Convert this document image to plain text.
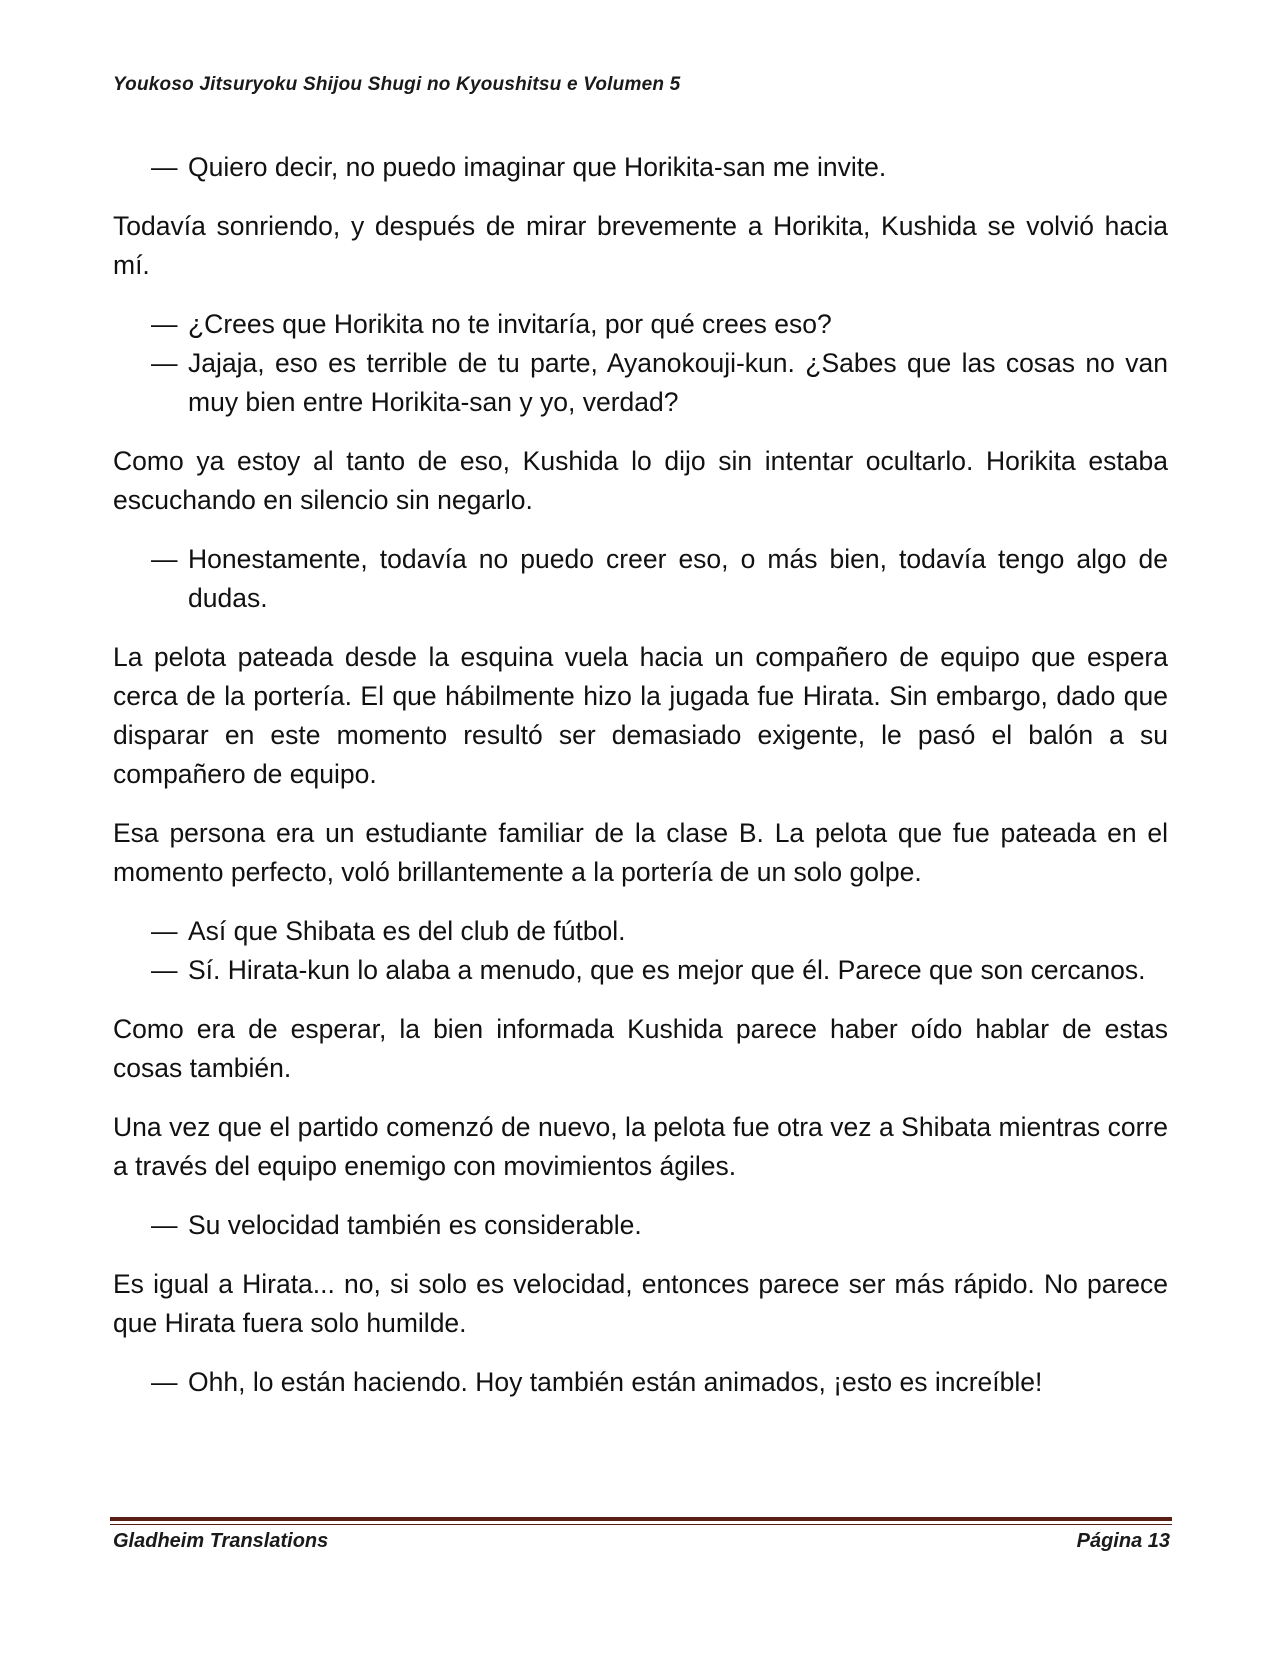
Youkoso Jitsuryoku Shijou Shugi no Kyoushitsu e Volumen 5
— Quiero decir, no puedo imaginar que Horikita-san me invite.

Todavía sonriendo, y después de mirar brevemente a Horikita, Kushida se volvió hacia mí.

— ¿Crees que Horikita no te invitaría, por qué crees eso?
— Jajaja, eso es terrible de tu parte, Ayanokouji-kun. ¿Sabes que las cosas no van muy bien entre Horikita-san y yo, verdad?

Como ya estoy al tanto de eso, Kushida lo dijo sin intentar ocultarlo. Horikita estaba escuchando en silencio sin negarlo.

— Honestamente, todavía no puedo creer eso, o más bien, todavía tengo algo de dudas.

La pelota pateada desde la esquina vuela hacia un compañero de equipo que espera cerca de la portería. El que hábilmente hizo la jugada fue Hirata. Sin embargo, dado que disparar en este momento resultó ser demasiado exigente, le pasó el balón a su compañero de equipo.

Esa persona era un estudiante familiar de la clase B. La pelota que fue pateada en el momento perfecto, voló brillantemente a la portería de un solo golpe.

— Así que Shibata es del club de fútbol.
— Sí. Hirata-kun lo alaba a menudo, que es mejor que él. Parece que son cercanos.

Como era de esperar, la bien informada Kushida parece haber oído hablar de estas cosas también.

Una vez que el partido comenzó de nuevo, la pelota fue otra vez a Shibata mientras corre a través del equipo enemigo con movimientos ágiles.

— Su velocidad también es considerable.

Es igual a Hirata... no, si solo es velocidad, entonces parece ser más rápido. No parece que Hirata fuera solo humilde.

— Ohh, lo están haciendo. Hoy también están animados, ¡esto es increíble!
Gladheim Translations	Página 13
